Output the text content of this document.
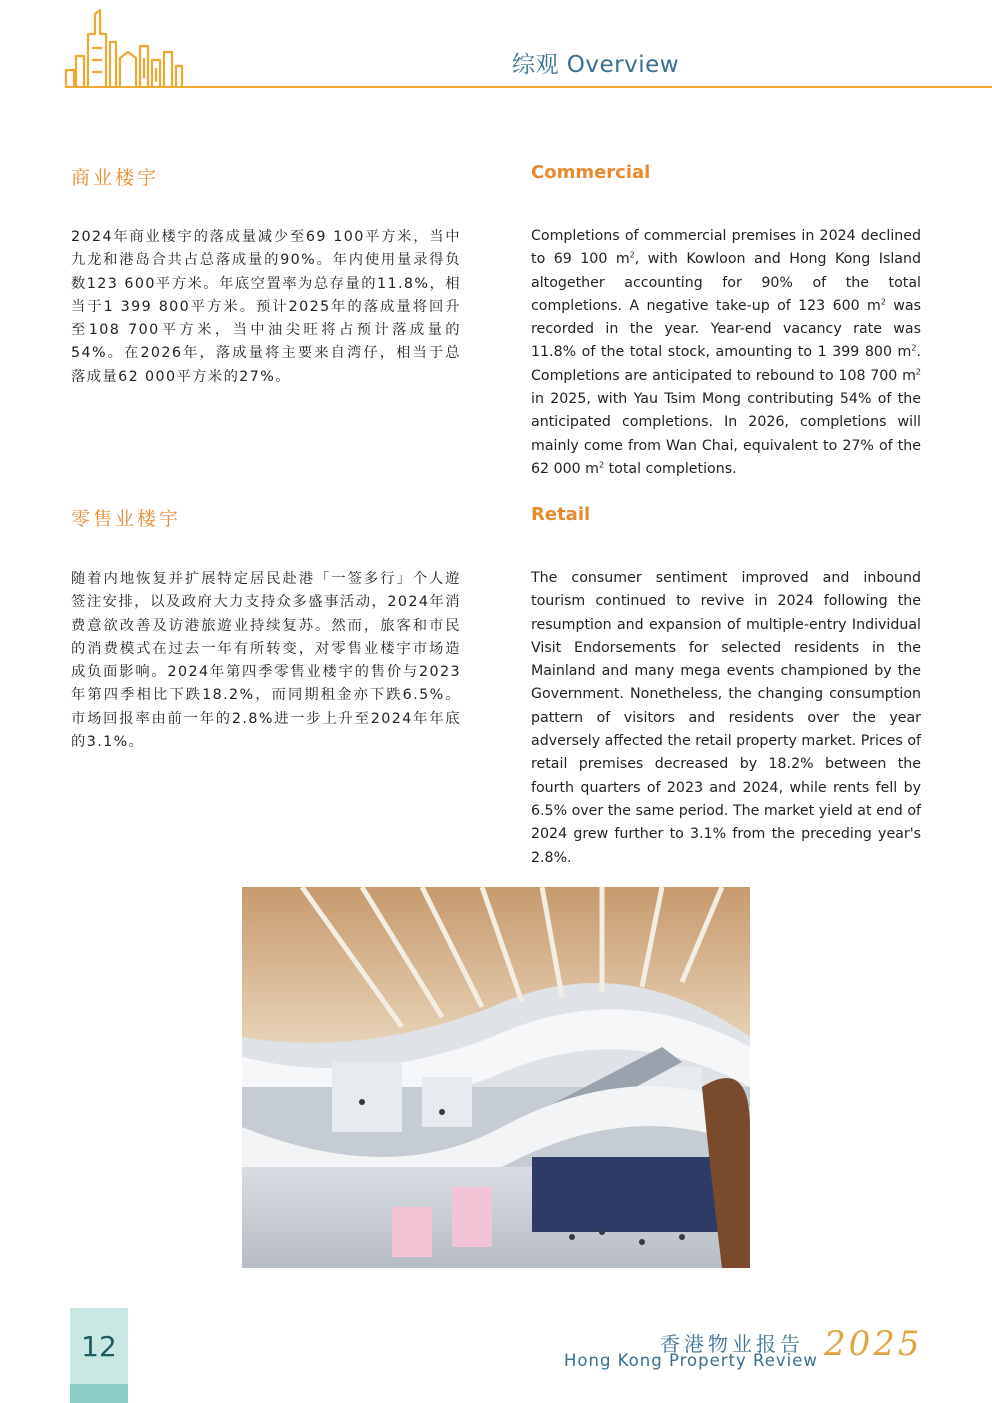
综观 Overview
商业楼宇	Commercial
2024年商业楼宇的落成量减少至69 100平方米，当中九龙和港岛合共占总落成量的90%。年内使用量录得负数123 600平方米。年底空置率为总存量的11.8%，相当于1 399 800平方米。预计2025年的落成量将回升至108 700平方米，当中油尖旺将占预计落成量的54%。在2026年，落成量将主要来自湾仔，相当于总落成量62 000平方米的27%。
Completions of commercial premises in 2024 declined to 69 100 $m^2$, with Kowloon and Hong Kong Island altogether accounting for 90% of the total completions. A negative take-up of 123 600 $m^2$ was recorded in the year. Year-end vacancy rate was 11.8% of the total stock, amounting to 1 399 800 $m^2$. Completions are anticipated to rebound to 108 700 $m^2$ in 2025, with Yau Tsim Mong contributing 54% of the anticipated completions. In 2026, completions will mainly come from Wan Chai, equivalent to 27% of the 62 000 $m^2$ total completions.
零售业楼宇	Retail
随着内地恢复并扩展特定居民赴港「一签多行」个人遊签注安排，以及政府大力支持众多盛事活动，2024年消费意欲改善及访港旅遊业持续复苏。然而，旅客和市民的消费模式在过去一年有所转变，对零售业楼宇市场造成负面影响。2024年第四季零售业楼宇的售价与2023年第四季相比下跌18.2%，而同期租金亦下跌6.5%。市场回报率由前一年的2.8%进一步上升至2024年年底的3.1%。
The consumer sentiment improved and inbound tourism continued to revive in 2024 following the resumption and expansion of multiple-entry Individual Visit Endorsements for selected residents in the Mainland and many mega events championed by the Government. Nonetheless, the changing consumption pattern of visitors and residents over the year adversely affected the retail property market. Prices of retail premises decreased by 18.2% between the fourth quarters of 2023 and 2024, while rents fell by 6.5% over the same period. The market yield at end of 2024 grew further to 3.1% from the preceding year's 2.8%.
12	香港物业报告
Hong Kong Property Review 2025
